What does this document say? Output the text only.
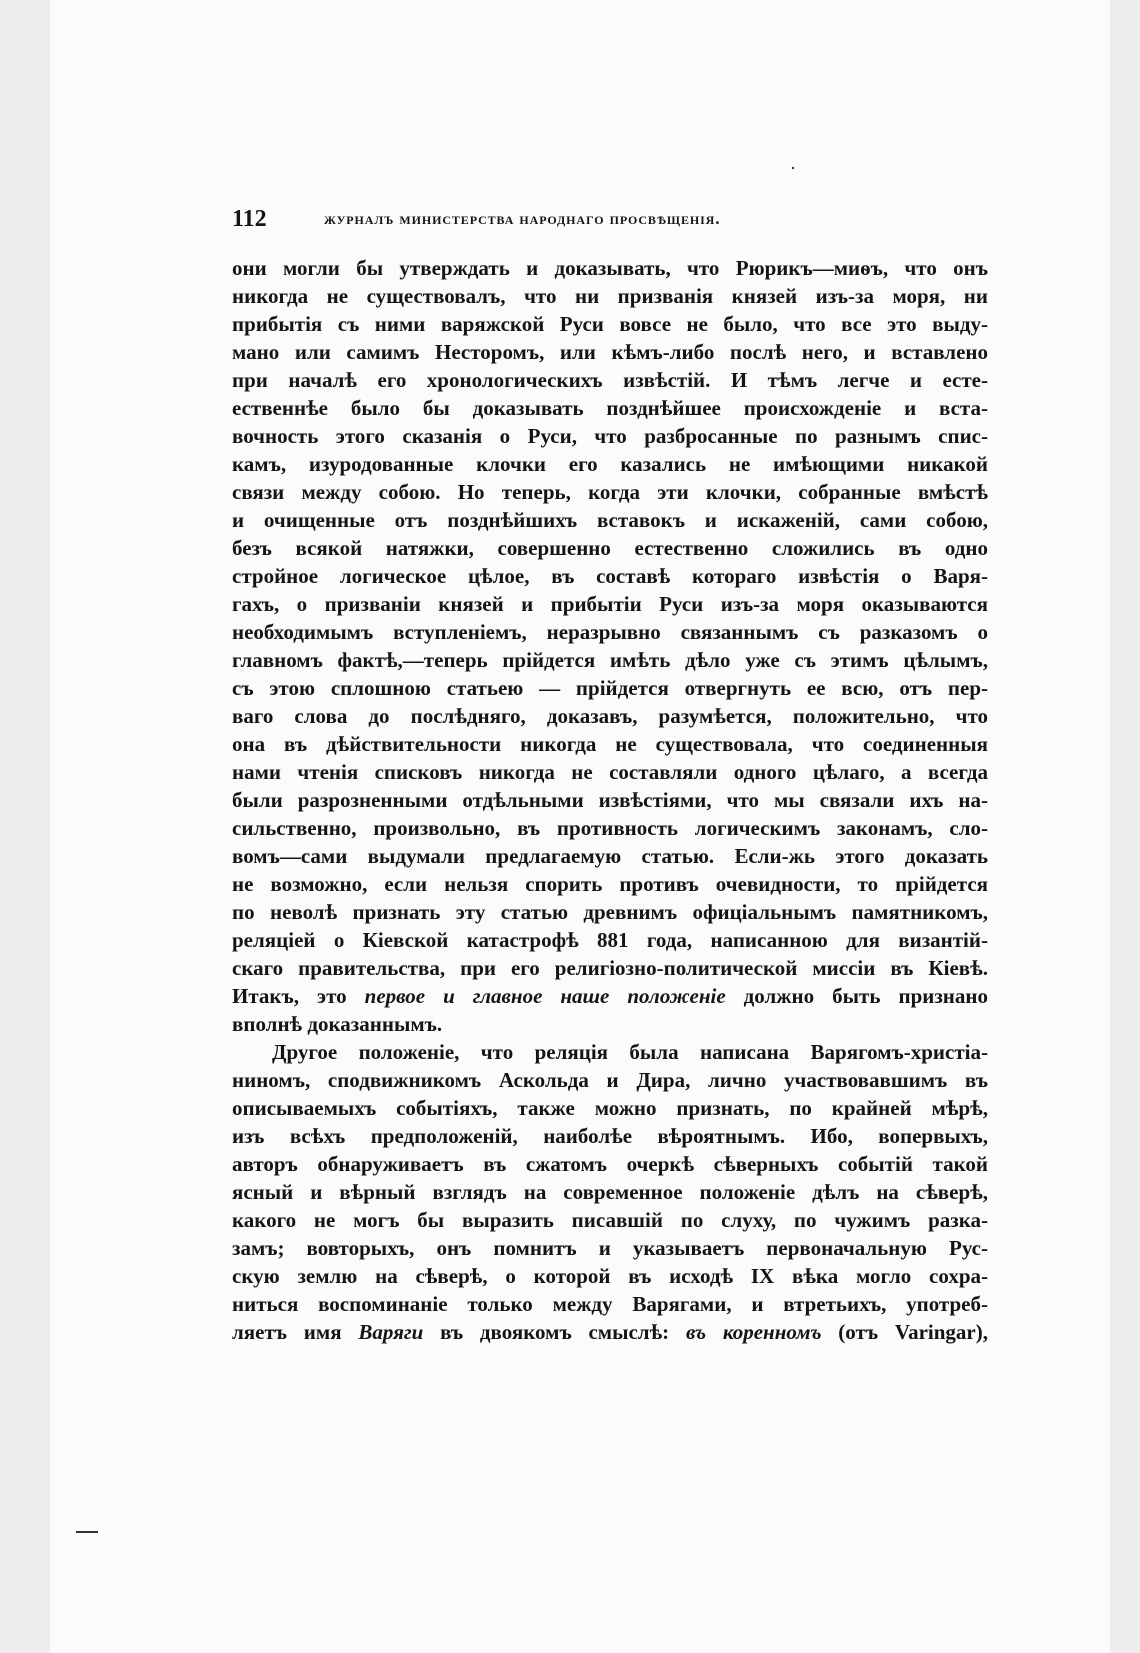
112	журналъ министерства народнаго просвѣщенія.
они могли бы утверждать и доказывать, что Рюрикъ—миѳъ, что онъ
никогда не существовалъ, что ни призванія князей изъ-за моря, ни
прибытія съ ними варяжской Руси вовсе не было, что все это выду-
мано или самимъ Несторомъ, или кѣмъ-либо послѣ него, и вставлено
при началѣ его хронологическихъ извѣстій. И тѣмъ легче и есте-
ественнѣе было бы доказывать позднѣйшее происхожденіе и вста-
вочность этого сказанія о Руси, что разбросанные по разнымъ спис-
камъ, изуродованные клочки его казались не имѣющими никакой
связи между собою. Но теперь, когда эти клочки, собранные вмѣстѣ
и очищенные отъ позднѣйшихъ вставокъ и искаженій, сами собою,
безъ всякой натяжки, совершенно естественно сложились въ одно
стройное логическое цѣлое, въ составѣ котораго извѣстія о Варя-
гахъ, о призваніи князей и прибытіи Руси изъ-за моря оказываются
необходимымъ вступленіемъ, неразрывно связаннымъ съ разказомъ о
главномъ фактѣ,—теперь прійдется имѣть дѣло уже съ этимъ цѣлымъ,
съ этою сплошною статьею — прійдется отвергнуть ее всю, отъ пер-
ваго слова до послѣдняго, доказавъ, разумѣется, положительно, что
она въ дѣйствительности никогда не существовала, что соединенныя
нами чтенія списковъ никогда не составляли одного цѣлаго, а всегда
были разрозненными отдѣльными извѣстіями, что мы связали ихъ на-
сильственно, произвольно, въ противность логическимъ законамъ, сло-
вомъ—сами выдумали предлагаемую статью. Если-жь этого доказать
не возможно, если нельзя спорить противъ очевидности, то прійдется
по неволѣ признать эту статью древнимъ офиціальнымъ памятникомъ,
реляціей о Кіевской катастрофѣ 881 года, написанною для византій-
скаго правительства, при его религіозно-политической миссіи въ Кіевѣ.
Итакъ, это первое и главное наше положеніе должно быть признано
вполнѣ доказаннымъ.
Другое положеніе, что реляція была написана Варягомъ-христіа-
ниномъ, сподвижникомъ Аскольда и Дира, лично участвовавшимъ въ
описываемыхъ событіяхъ, также можно признать, по крайней мѣрѣ,
изъ всѣхъ предположеній, наиболѣе вѣроятнымъ. Ибо, вопервыхъ,
авторъ обнаруживаетъ въ сжатомъ очеркѣ сѣверныхъ событій такой
ясный и вѣрный взглядъ на современное положеніе дѣлъ на сѣверѣ,
какого не могъ бы выразить писавшій по слуху, по чужимъ разка-
замъ; вовторыхъ, онъ помнитъ и указываетъ первоначальную Рус-
скую землю на сѣверѣ, о которой въ исходѣ IX вѣка могло сохра-
ниться воспоминаніе только между Варягами, и втретьихъ, употреб-
ляетъ имя Варяги въ двоякомъ смыслѣ: въ коренномъ (отъ Varingar),
